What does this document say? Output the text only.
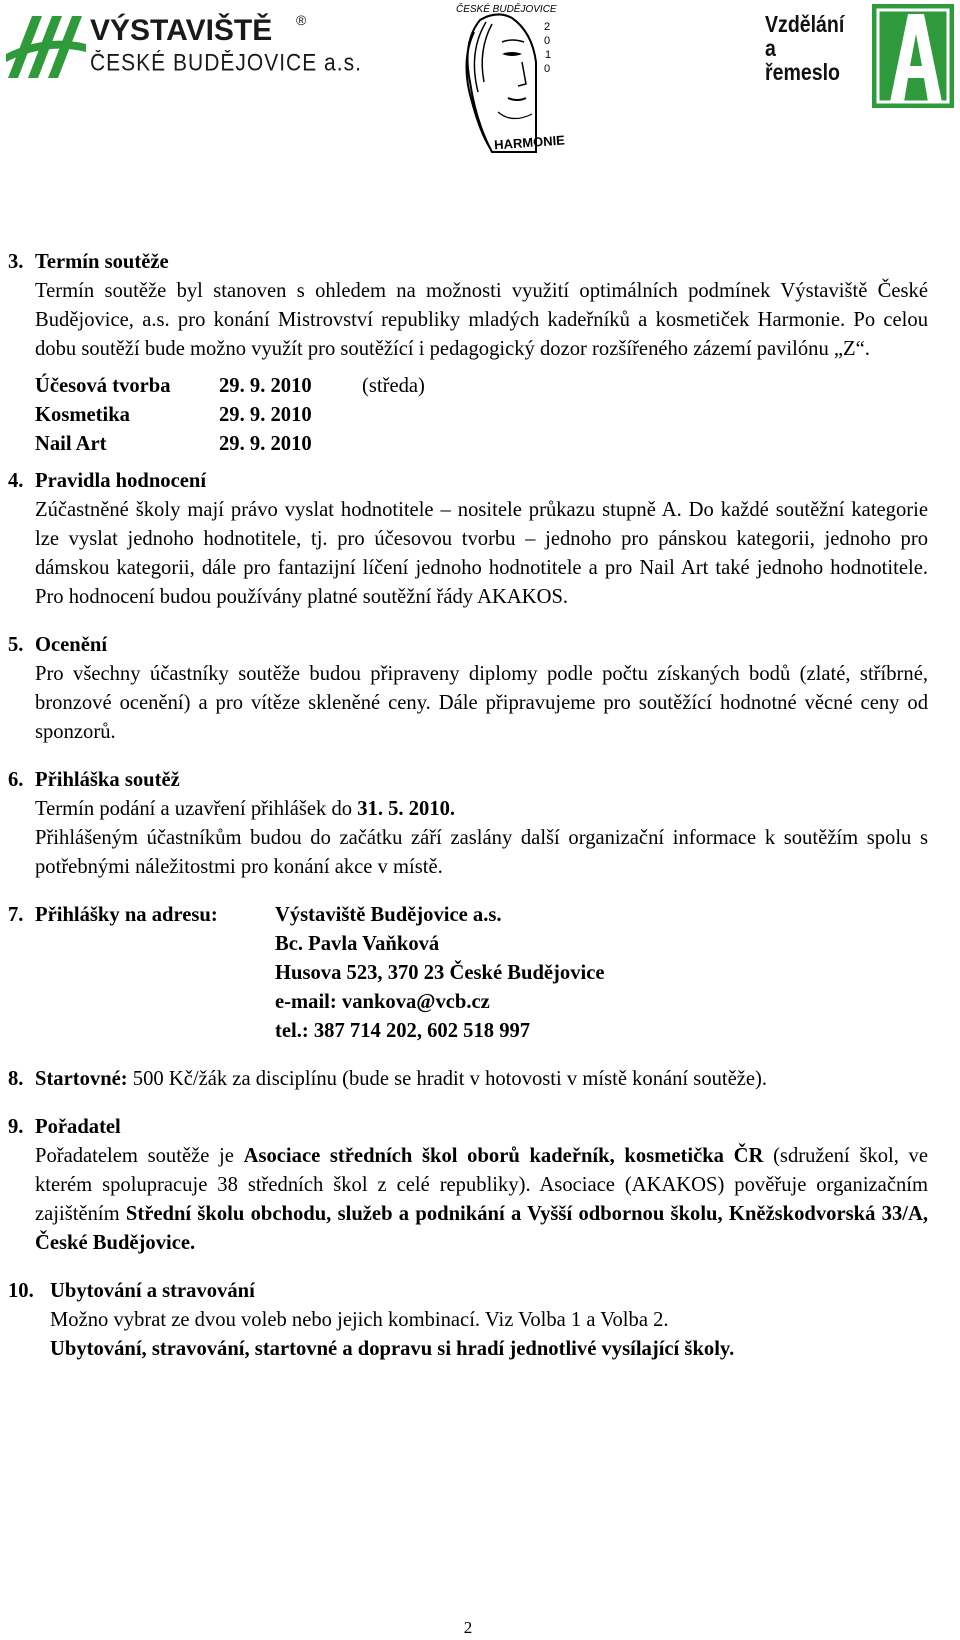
VÝSTAVIŠTĚ ®
ČESKÉ BUDĚJOVICE a.s.
ČESKÉ BUDĚJOVICE
HARMONIE
2
0
1
0
Vzdělání
a
řemeslo
3. Termín soutěže
Termín soutěže byl stanoven s ohledem na možnosti využití optimálních podmínek Výstaviště České Budějovice, a.s. pro konání Mistrovství republiky mladých kadeřníků a kosmetiček Harmonie. Po celou dobu soutěží bude možno využít pro soutěžící i pedagogický dozor rozšířeného zázemí pavilónu „Z“.
Účesová tvorba	29. 9. 2010	(středa)
Kosmetika	29. 9. 2010
Nail Art	29. 9. 2010
4. Pravidla hodnocení
Zúčastněné školy mají právo vyslat hodnotitele – nositele průkazu stupně A. Do každé soutěžní kategorie lze vyslat jednoho hodnotitele, tj. pro účesovou tvorbu – jednoho pro pánskou kategorii, jednoho pro dámskou kategorii, dále pro fantazijní líčení jednoho hodnotitele a pro Nail Art také jednoho hodnotitele. Pro hodnocení budou používány platné soutěžní řády AKAKOS.
5. Ocenění
Pro všechny účastníky soutěže budou připraveny diplomy podle počtu získaných bodů (zlaté, stříbrné, bronzové ocenění) a pro vítěze skleněné ceny. Dále připravujeme pro soutěžící hodnotné věcné ceny od sponzorů.
6. Přihláška soutěž
Termín podání a uzavření přihlášek do 31. 5. 2010.
Přihlášeným účastníkům budou do začátku září zaslány další organizační informace k soutěžím spolu s potřebnými náležitostmi pro konání akce v místě.
7. Přihlášky na adresu:	Výstaviště Budějovice a.s.
Bc. Pavla Vaňková
Husova 523, 370 23 České Budějovice
e-mail: vankova@vcb.cz
tel.: 387 714 202, 602 518 997
8. Startovné: 500 Kč/žák za disciplínu (bude se hradit v hotovosti v místě konání soutěže).
9. Pořadatel
Pořadatelem soutěže je Asociace středních škol oborů kadeřník, kosmetička ČR (sdružení škol, ve kterém spolupracuje 38 středních škol z celé republiky). Asociace (AKAKOS) pověřuje organizačním zajištěním Střední školu obchodu, služeb a podnikání a Vyšší odbornou školu, Kněžskodvorská 33/A, České Budějovice.
10. Ubytování a stravování
Možno vybrat ze dvou voleb nebo jejich kombinací. Viz Volba 1 a Volba 2.
Ubytování, stravování, startovné a dopravu si hradí jednotlivé vysílající školy.
2
